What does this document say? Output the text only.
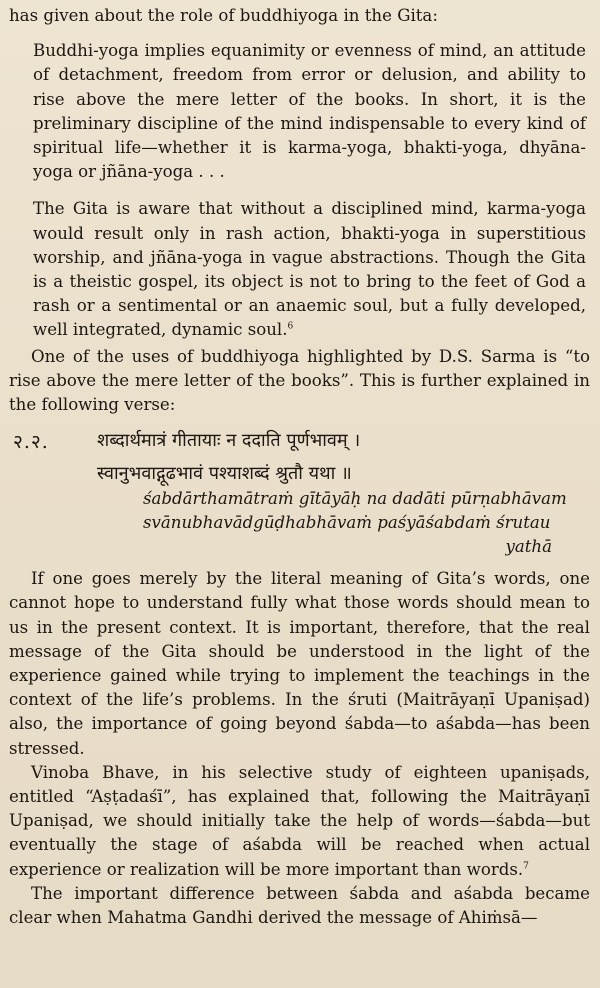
has given about the role of buddhiyoga in the Gita:

Buddhi-yoga implies equanimity or evenness of mind, an attitude of detachment, freedom from error or delusion, and ability to rise above the mere letter of the books. In short, it is the preliminary discipline of the mind indispensable to every kind of spiritual life—whether it is karma-yoga, bhakti-yoga, dhyāna-yoga or jñāna-yoga . . .

The Gita is aware that without a disciplined mind, karma-yoga would result only in rash action, bhakti-yoga in superstitious worship, and jñāna-yoga in vague abstractions. Though the Gita is a theistic gospel, its object is not to bring to the feet of God a rash or a sentimental or an anaemic soul, but a fully developed, well integrated, dynamic soul.$^6$

One of the uses of buddhiyoga highlighted by D.S. Sarma is “to rise above the mere letter of the books”. This is further explained in the following verse:

२.२.	शब्दार्थमात्रं गीतायाः न ददाति पूर्णभावम् ।
स्वानुभवाद्गूढभावं पश्याशब्दं श्रुतौ यथा ॥
śabdārthamātraṁ gītāyāḥ na dadāti pūrṇabhāvam
svānubhavādgūḍhabhāvaṁ paśyāśabdaṁ śrutau
yathā

If one goes merely by the literal meaning of Gita’s words, one cannot hope to understand fully what those words should mean to us in the present context. It is important, therefore, that the real message of the Gita should be understood in the light of the experience gained while trying to implement the teachings in the context of the life’s problems. In the śruti (Maitrāyaṇī Upaniṣad) also, the importance of going beyond śabda—to aśabda—has been stressed.

Vinoba Bhave, in his selective study of eighteen upaniṣads, entitled “Aṣṭadaśī”, has explained that, following the Maitrāyaṇī Upaniṣad, we should initially take the help of words—śabda—but eventually the stage of aśabda will be reached when actual experience or realization will be more important than words.$^7$

The important difference between śabda and aśabda became clear when Mahatma Gandhi derived the message of Ahiṁsā—
